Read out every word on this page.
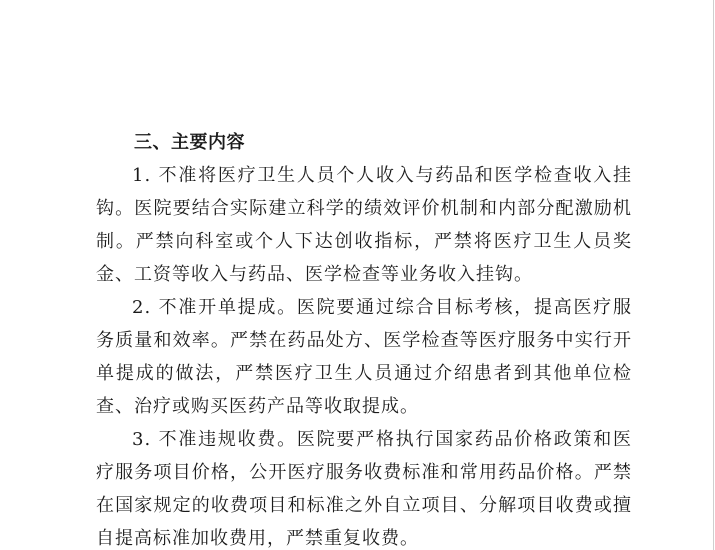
三、主要内容

1. 不准将医疗卫生人员个人收入与药品和医学检查收入挂钩。医院要结合实际建立科学的绩效评价机制和内部分配激励机制。严禁向科室或个人下达创收指标，严禁将医疗卫生人员奖金、工资等收入与药品、医学检查等业务收入挂钩。

2. 不准开单提成。医院要通过综合目标考核，提高医疗服务质量和效率。严禁在药品处方、医学检查等医疗服务中实行开单提成的做法，严禁医疗卫生人员通过介绍患者到其他单位检查、治疗或购买医药产品等收取提成。

3. 不准违规收费。医院要严格执行国家药品价格政策和医疗服务项目价格，公开医疗服务收费标准和常用药品价格。严禁在国家规定的收费项目和标准之外自立项目、分解项目收费或擅自提高标准加收费用，严禁重复收费。
